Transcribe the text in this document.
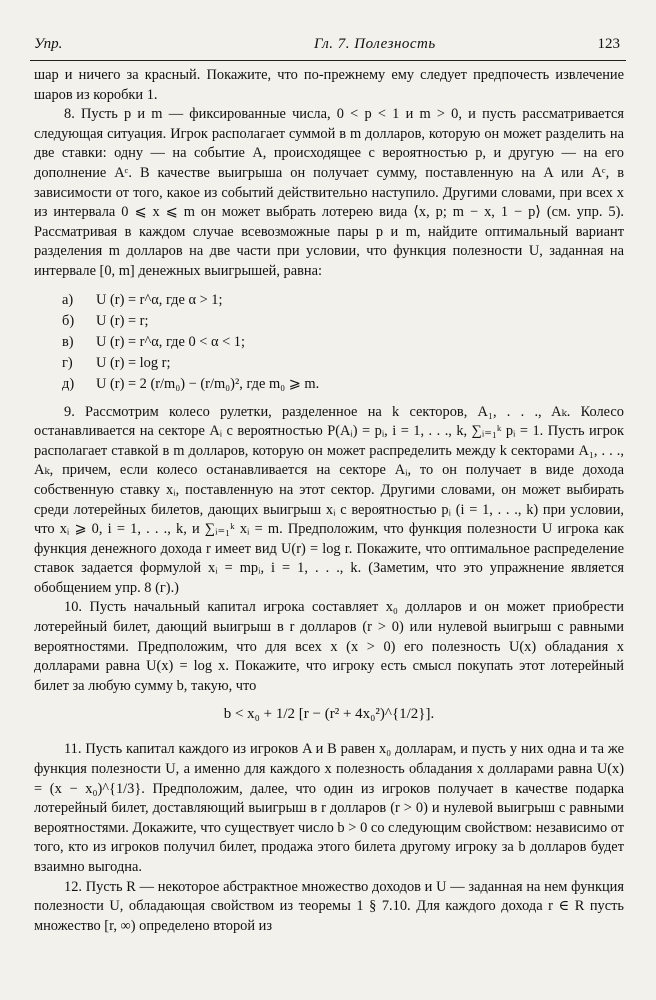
Упр.	Гл. 7. Полезность	123

шар и ничего за красный. Покажите, что по-прежнему ему следует предпочесть извлечение шаров из коробки 1.

8. Пусть p и m — фиксированные числа, 0 < p < 1 и m > 0, и пусть рассматривается следующая ситуация. Игрок располагает суммой в m долларов, которую он может разделить на две ставки: одну — на событие A, происходящее с вероятностью p, и другую — на его дополнение Aᶜ. В качестве выигрыша он получает сумму, поставленную на A или Aᶜ, в зависимости от того, какое из событий действительно наступило. Другими словами, при всех x из интервала 0 ⩽ x ⩽ m он может выбрать лотерею вида ⟨x, p; m − x, 1 − p⟩ (см. упр. 5). Рассматривая в каждом случае всевозможные пары p и m, найдите оптимальный вариант разделения m долларов на две части при условии, что функция полезности U, заданная на интервале [0, m] денежных выигрышей, равна:

а) U (r) = r^α, где α > 1;
б) U (r) = r;
в) U (r) = r^α, где 0 < α < 1;
г) U (r) = log r;
д) U (r) = 2 (r/m₀) − (r/m₀)², где m₀ ⩾ m.

9. Рассмотрим колесо рулетки, разделенное на k секторов, A₁, . . ., Aₖ. Колесо останавливается на секторе Aᵢ с вероятностью P(Aᵢ) = pᵢ, i = 1, . . ., k, ∑ᵢ₌₁ᵏ pᵢ = 1. Пусть игрок располагает ставкой в m долларов, которую он может распределить между k секторами A₁, . . ., Aₖ, причем, если колесо останавливается на секторе Aᵢ, то он получает в виде дохода собственную ставку xᵢ, поставленную на этот сектор. Другими словами, он может выбирать среди лотерейных билетов, дающих выигрыш xᵢ с вероятностью pᵢ (i = 1, . . ., k) при условии, что xᵢ ⩾ 0, i = 1, . . ., k, и ∑ᵢ₌₁ᵏ xᵢ = m. Предположим, что функция полезности U игрока как функция денежного дохода r имеет вид U(r) = log r. Покажите, что оптимальное распределение ставок задается формулой xᵢ = mpᵢ, i = 1, . . ., k. (Заметим, что это упражнение является обобщением упр. 8 (г).)

10. Пусть начальный капитал игрока составляет x₀ долларов и он может приобрести лотерейный билет, дающий выигрыш в r долларов (r > 0) или нулевой выигрыш с равными вероятностями. Предположим, что для всех x (x > 0) его полезность U(x) обладания x долларами равна U(x) = log x. Покажите, что игроку есть смысл покупать этот лотерейный билет за любую сумму b, такую, что

b < x₀ + 1/2 [r − (r² + 4x₀²)^{1/2}].

11. Пусть капитал каждого из игроков A и B равен x₀ долларам, и пусть у них одна и та же функция полезности U, а именно для каждого x полезность обладания x долларами равна U(x) = (x − x₀)^{1/3}. Предположим, далее, что один из игроков получает в качестве подарка лотерейный билет, доставляющий выигрыш в r долларов (r > 0) и нулевой выигрыш с равными вероятностями. Докажите, что существует число b > 0 со следующим свойством: независимо от того, кто из игроков получил билет, продажа этого билета другому игроку за b долларов будет взаимно выгодна.

12. Пусть R — некоторое абстрактное множество доходов и U — заданная на нем функция полезности U, обладающая свойством из теоремы 1 § 7.10. Для каждого дохода r ∈ R пусть множество [r, ∞) определено второй из
